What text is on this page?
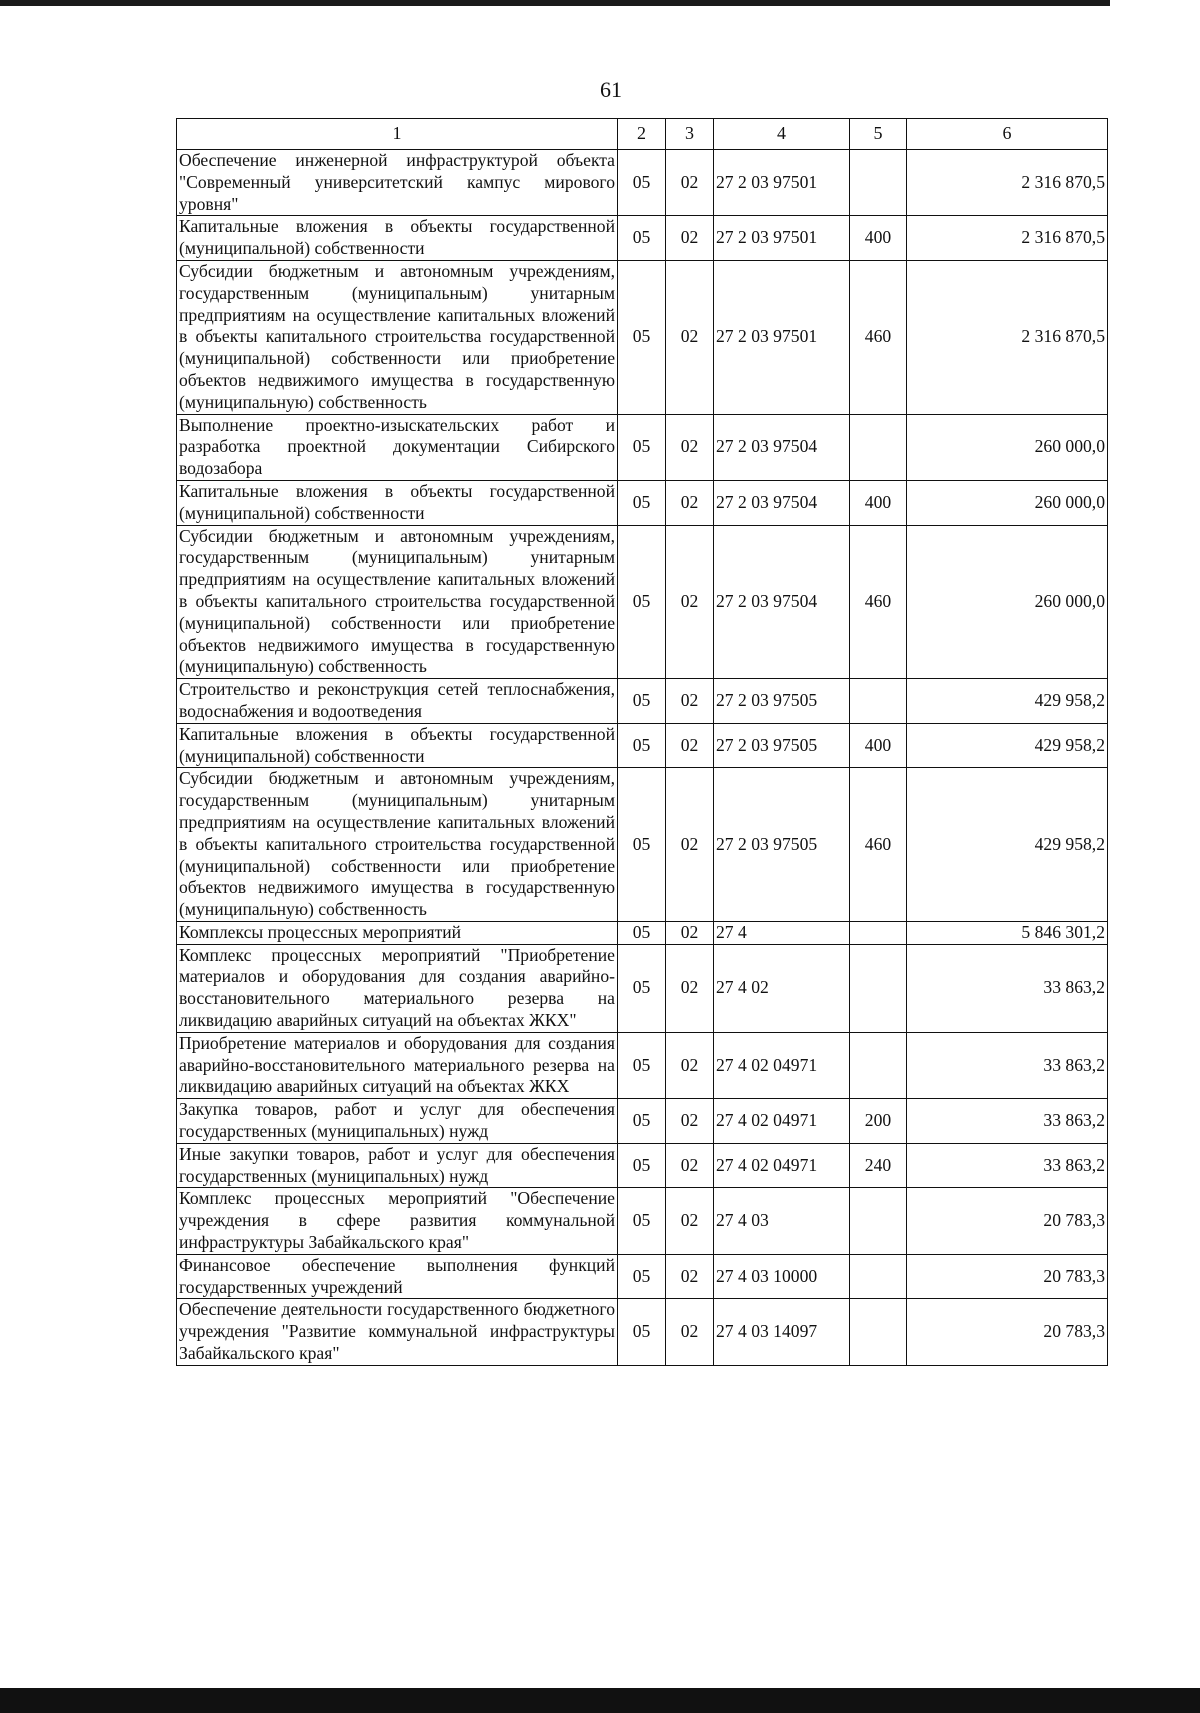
61
1	2	3	4	5	6
Обеспечение инженерной инфраструктурой объекта "Современный университетский кампус мирового уровня"	05	02	27 2 03 97501		2 316 870,5
Капитальные вложения в объекты государственной (муниципальной) собственности	05	02	27 2 03 97501	400	2 316 870,5
Субсидии бюджетным и автономным учреждениям, государственным (муниципальным) унитарным предприятиям на осуществление капитальных вложений в объекты капитального строительства государственной (муниципальной) собственности или приобретение объектов недвижимого имущества в государственную (муниципальную) собственность	05	02	27 2 03 97501	460	2 316 870,5
Выполнение проектно-изыскательских работ и разработка проектной документации Сибирского водозабора	05	02	27 2 03 97504		260 000,0
Капитальные вложения в объекты государственной (муниципальной) собственности	05	02	27 2 03 97504	400	260 000,0
Субсидии бюджетным и автономным учреждениям, государственным (муниципальным) унитарным предприятиям на осуществление капитальных вложений в объекты капитального строительства государственной (муниципальной) собственности или приобретение объектов недвижимого имущества в государственную (муниципальную) собственность	05	02	27 2 03 97504	460	260 000,0
Строительство и реконструкция сетей теплоснабжения, водоснабжения и водоотведения	05	02	27 2 03 97505		429 958,2
Капитальные вложения в объекты государственной (муниципальной) собственности	05	02	27 2 03 97505	400	429 958,2
Субсидии бюджетным и автономным учреждениям, государственным (муниципальным) унитарным предприятиям на осуществление капитальных вложений в объекты капитального строительства государственной (муниципальной) собственности или приобретение объектов недвижимого имущества в государственную (муниципальную) собственность	05	02	27 2 03 97505	460	429 958,2
Комплексы процессных мероприятий	05	02	27 4		5 846 301,2
Комплекс процессных мероприятий "Приобретение материалов и оборудования для создания аварийно-восстановительного материального резерва на ликвидацию аварийных ситуаций на объектах ЖКХ"	05	02	27 4 02		33 863,2
Приобретение материалов и оборудования для создания аварийно-восстановительного материального резерва на ликвидацию аварийных ситуаций на объектах ЖКХ	05	02	27 4 02 04971		33 863,2
Закупка товаров, работ и услуг для обеспечения государственных (муниципальных) нужд	05	02	27 4 02 04971	200	33 863,2
Иные закупки товаров, работ и услуг для обеспечения государственных (муниципальных) нужд	05	02	27 4 02 04971	240	33 863,2
Комплекс процессных мероприятий "Обеспечение учреждения в сфере развития коммунальной инфраструктуры Забайкальского края"	05	02	27 4 03		20 783,3
Финансовое обеспечение выполнения функций государственных учреждений	05	02	27 4 03 10000		20 783,3
Обеспечение деятельности государственного бюджетного учреждения "Развитие коммунальной инфраструктуры Забайкальского края"	05	02	27 4 03 14097		20 783,3
